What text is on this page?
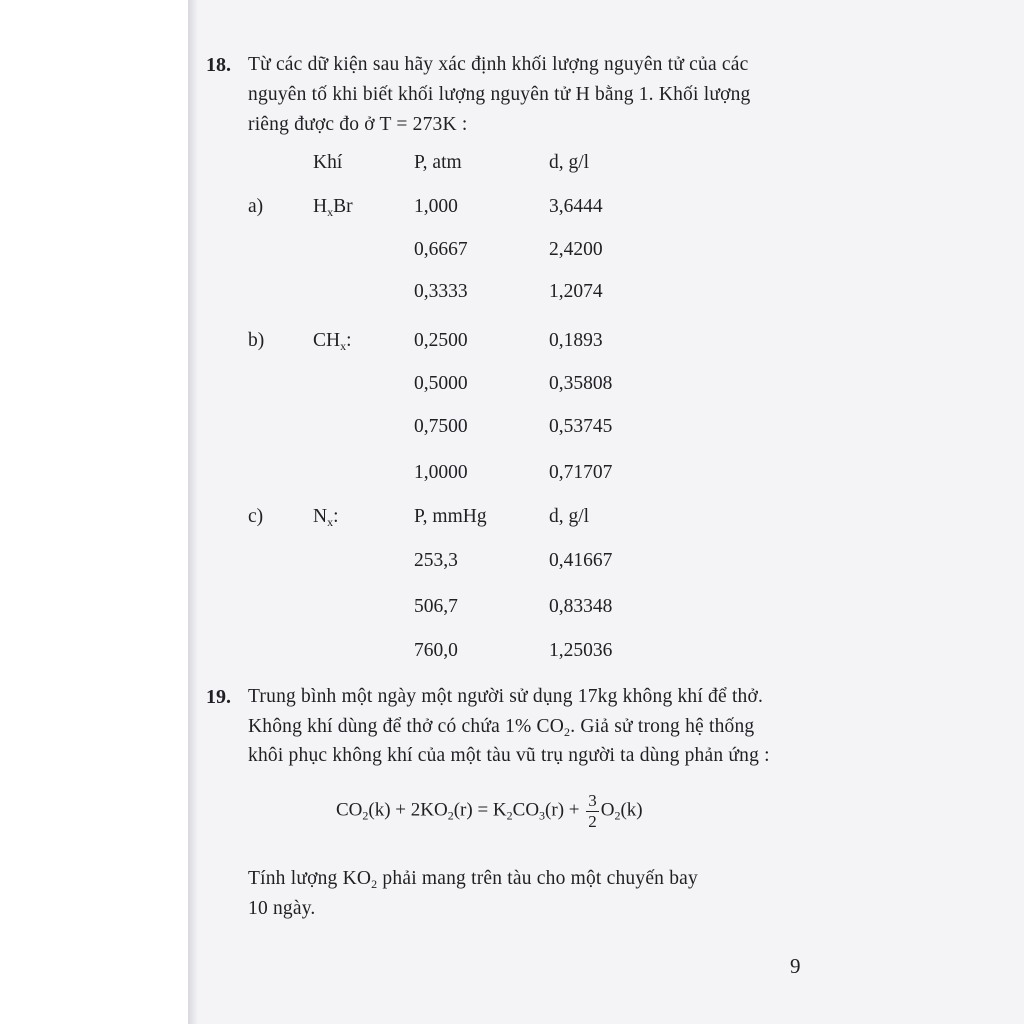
18. Từ các dữ kiện sau hãy xác định khối lượng nguyên tử của các
nguyên tố khi biết khối lượng nguyên tử H bằng 1. Khối lượng
riêng được đo ở T = 273K :
Khí	P, atm	d, g/l
a)	$H_xBr$	1,000	3,6444
0,6667	2,4200
0,3333	1,2074
b)	$CH_x$:	0,2500	0,1893
0,5000	0,35808
0,7500	0,53745
1,0000	0,71707
c)	$N_x$:	P, mmHg	d, g/l
253,3	0,41667
506,7	0,83348
760,0	1,25036
19. Trung bình một ngày một người sử dụng 17kg không khí để thở.
Không khí dùng để thở có chứa 1% $CO_2$. Giả sử trong hệ thống
khôi phục không khí của một tàu vũ trụ người ta dùng phản ứng :
$CO_2(k) + 2KO_2(r) = K_2CO_3(r) + \frac{3}{2} O_2(k)$
Tính lượng $KO_2$ phải mang trên tàu cho một chuyến bay
10 ngày.
9
